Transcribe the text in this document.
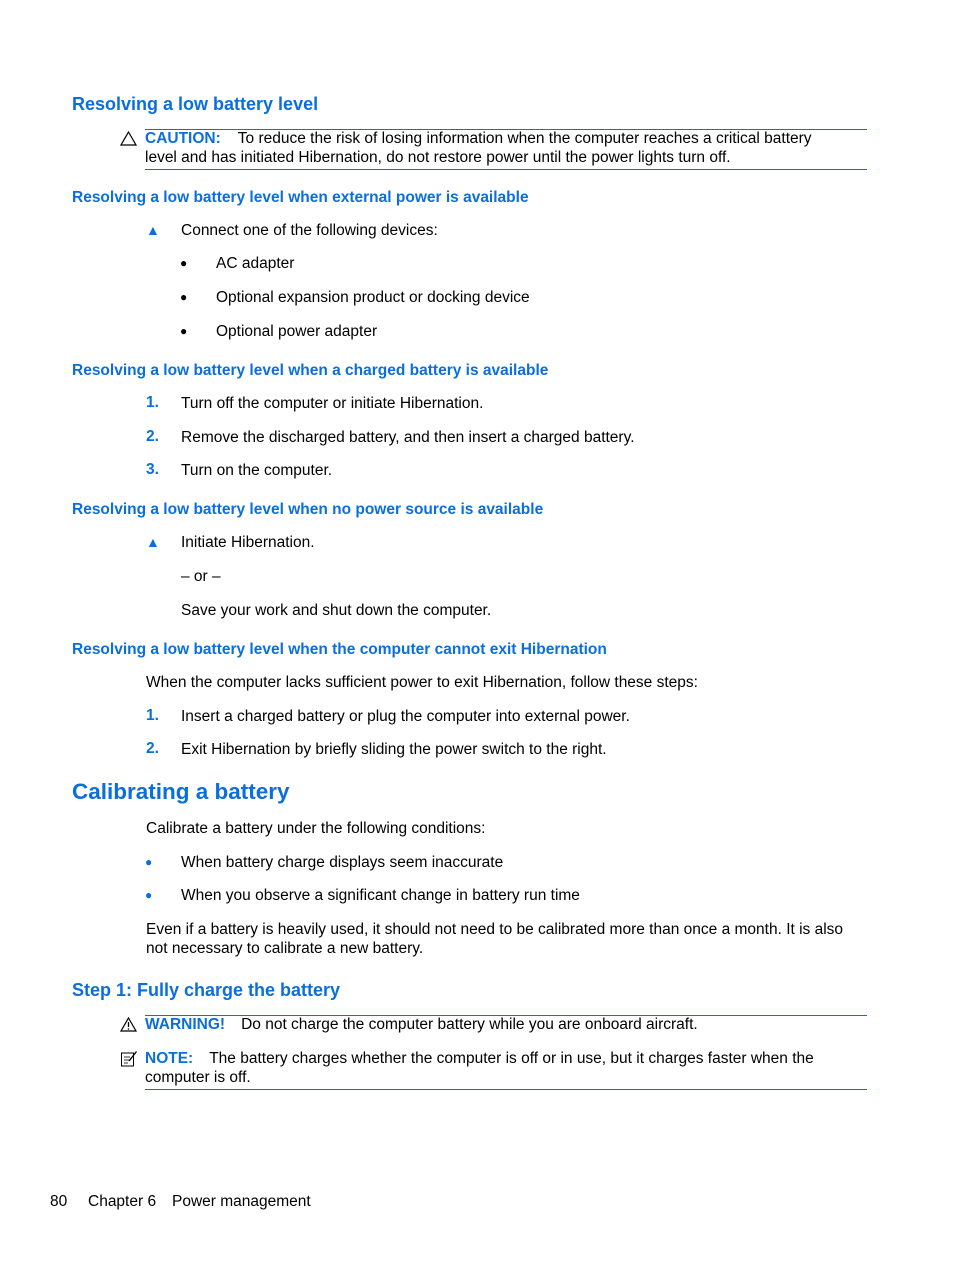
Resolving a low battery level
CAUTION: To reduce the risk of losing information when the computer reaches a critical battery
level and has initiated Hibernation, do not restore power until the power lights turn off.
Resolving a low battery level when external power is available
▲ Connect one of the following devices:
● AC adapter
● Optional expansion product or docking device
● Optional power adapter
Resolving a low battery level when a charged battery is available
1. Turn off the computer or initiate Hibernation.
2. Remove the discharged battery, and then insert a charged battery.
3. Turn on the computer.
Resolving a low battery level when no power source is available
▲ Initiate Hibernation.
– or –
Save your work and shut down the computer.
Resolving a low battery level when the computer cannot exit Hibernation
When the computer lacks sufficient power to exit Hibernation, follow these steps:
1. Insert a charged battery or plug the computer into external power.
2. Exit Hibernation by briefly sliding the power switch to the right.
Calibrating a battery
Calibrate a battery under the following conditions:
● When battery charge displays seem inaccurate
● When you observe a significant change in battery run time
Even if a battery is heavily used, it should not need to be calibrated more than once a month. It is also
not necessary to calibrate a new battery.
Step 1: Fully charge the battery
WARNING! Do not charge the computer battery while you are onboard aircraft.
NOTE: The battery charges whether the computer is off or in use, but it charges faster when the
computer is off.
80 Chapter 6 Power management
